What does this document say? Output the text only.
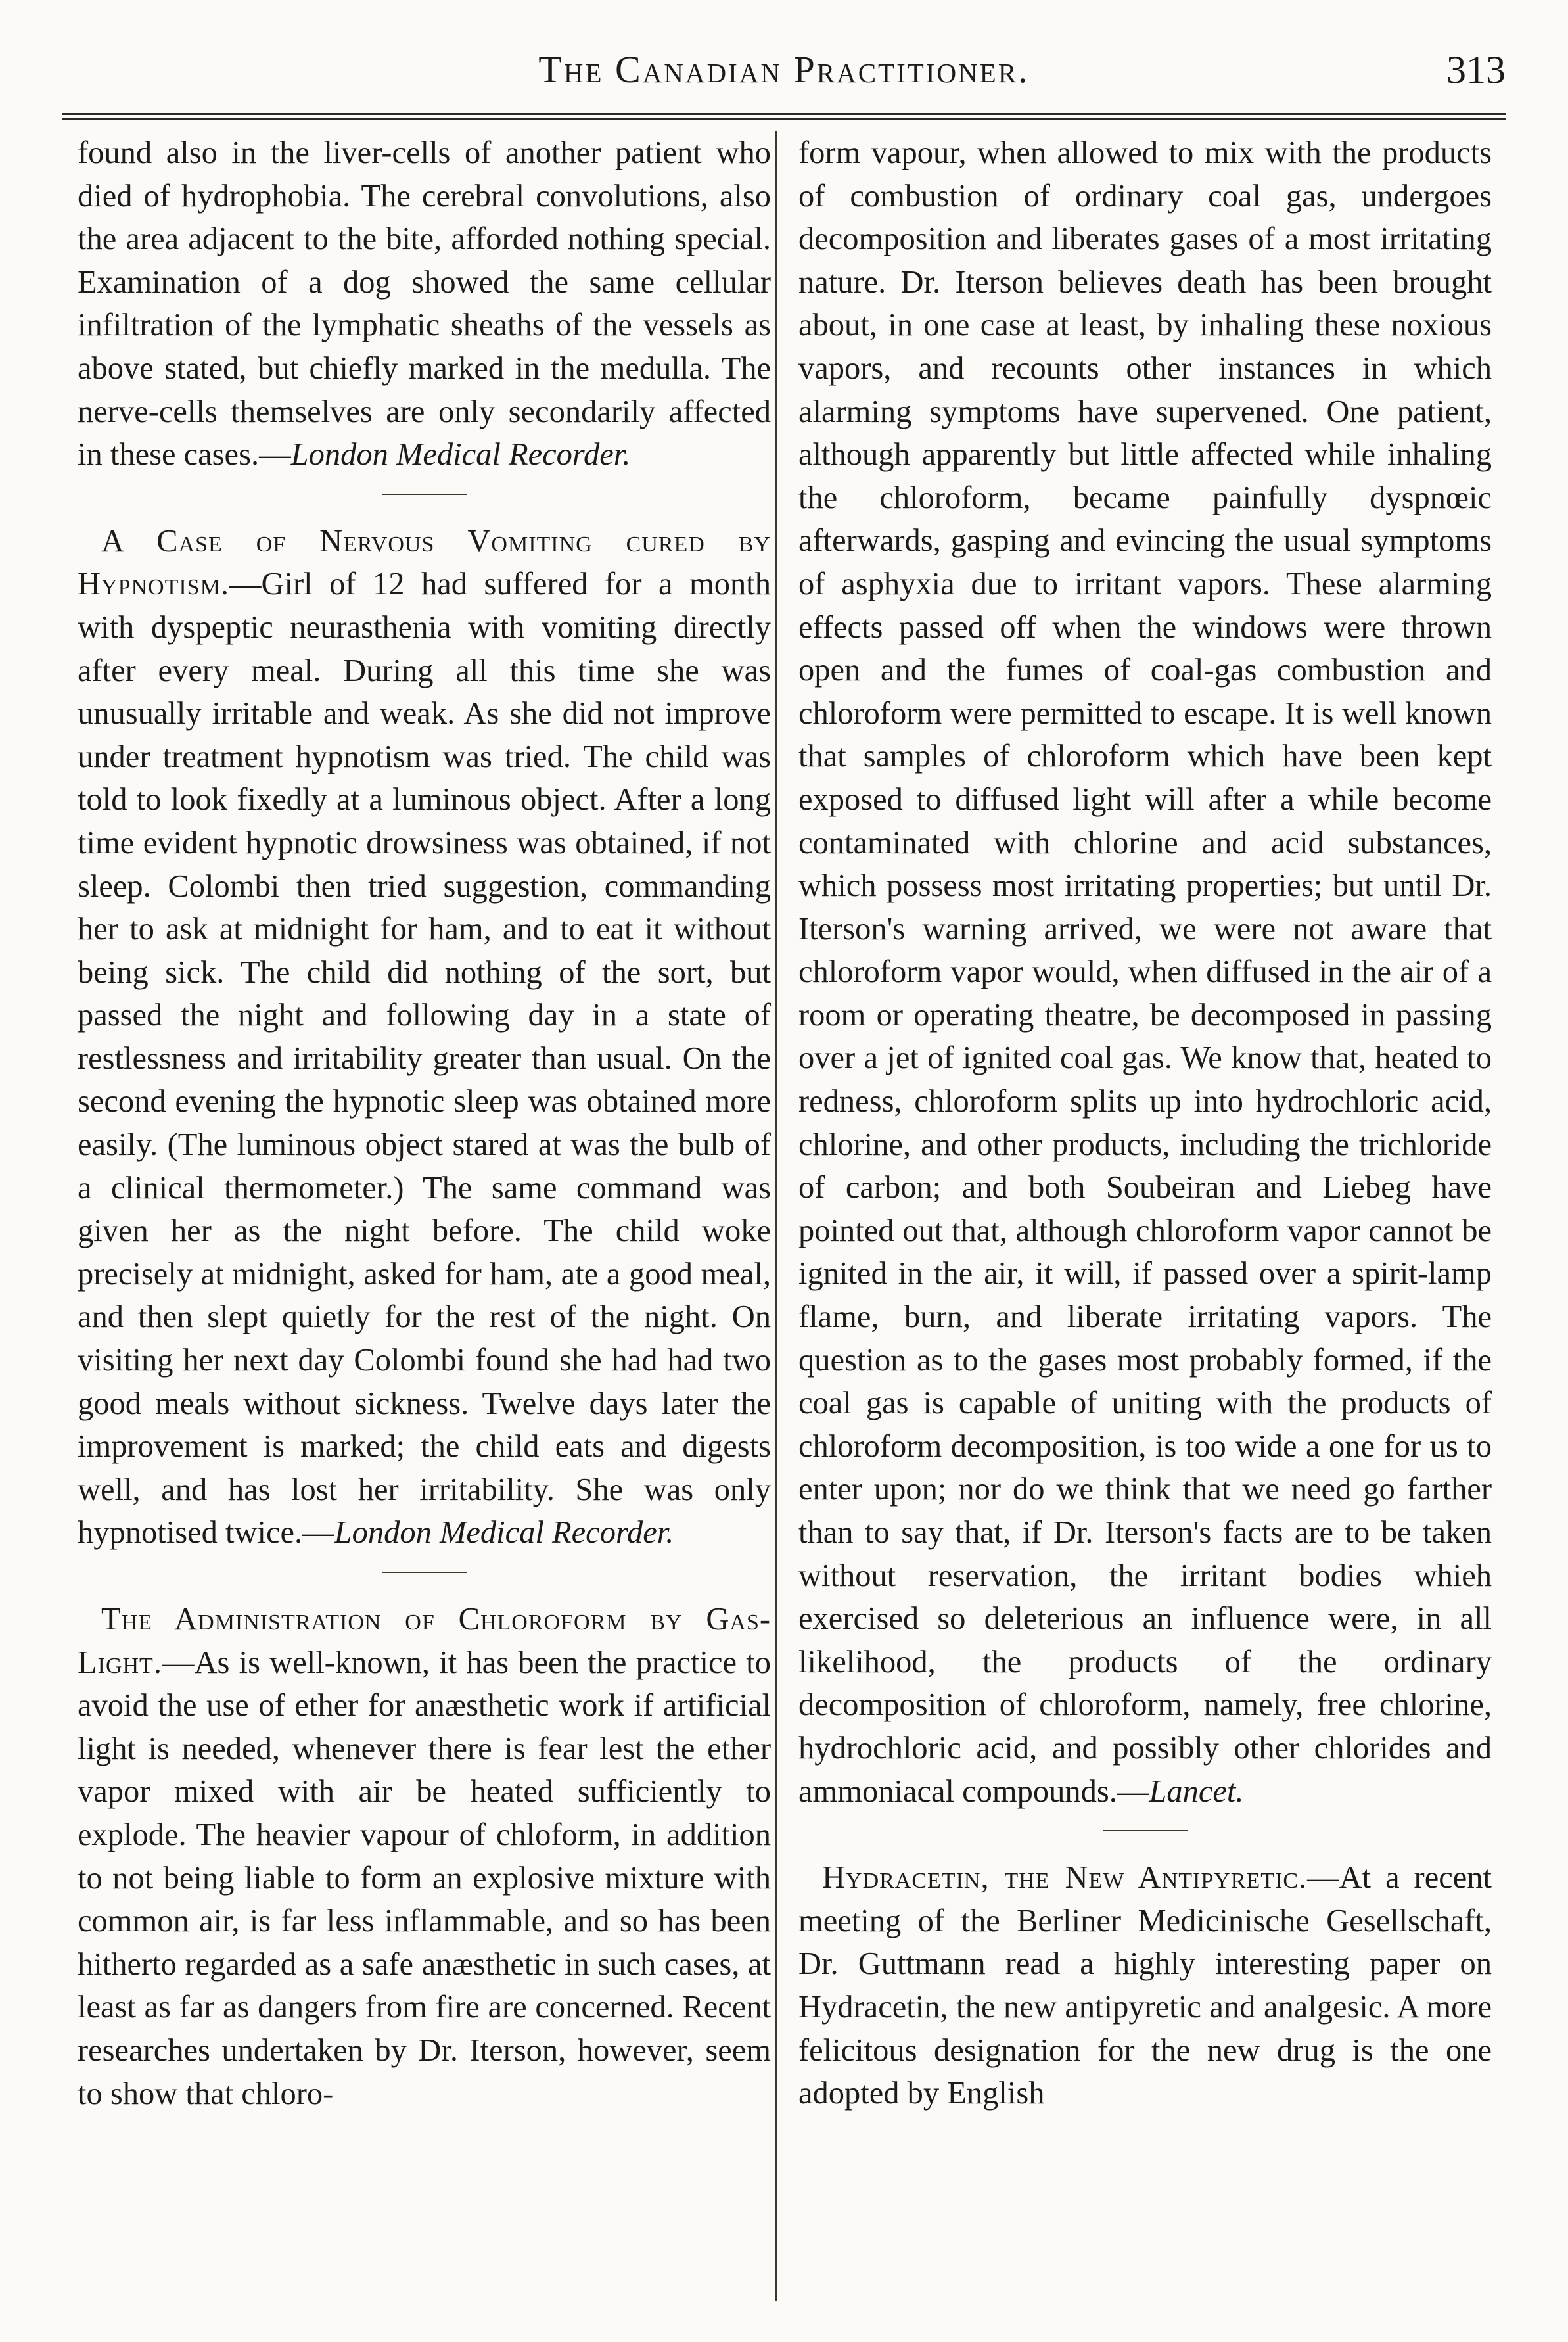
The Canadian Practitioner.	313

found also in the liver-cells of another patient who died of hydrophobia. The cerebral convolutions, also the area adjacent to the bite, afforded nothing special. Examination of a dog showed the same cellular infiltration of the lymphatic sheaths of the vessels as above stated, but chiefly marked in the medulla. The nerve-cells themselves are only secondarily affected in these cases.—London Medical Recorder.

A Case of Nervous Vomiting cured by Hypnotism.—Girl of 12 had suffered for a month with dyspeptic neurasthenia with vomiting directly after every meal. During all this time she was unusually irritable and weak. As she did not improve under treatment hypnotism was tried. The child was told to look fixedly at a luminous object. After a long time evident hypnotic drowsiness was obtained, if not sleep. Colombi then tried suggestion, commanding her to ask at midnight for ham, and to eat it without being sick. The child did nothing of the sort, but passed the night and following day in a state of restlessness and irritability greater than usual. On the second evening the hypnotic sleep was obtained more easily. (The luminous object stared at was the bulb of a clinical thermometer.) The same command was given her as the night before. The child woke precisely at midnight, asked for ham, ate a good meal, and then slept quietly for the rest of the night. On visiting her next day Colombi found she had had two good meals without sickness. Twelve days later the improvement is marked; the child eats and digests well, and has lost her irritability. She was only hypnotised twice.—London Medical Recorder.

The Administration of Chloroform by Gas-Light.—As is well-known, it has been the practice to avoid the use of ether for anæsthetic work if artificial light is needed, whenever there is fear lest the ether vapor mixed with air be heated sufficiently to explode. The heavier vapour of chloform, in addition to not being liable to form an explosive mixture with common air, is far less inflammable, and so has been hitherto regarded as a safe anæsthetic in such cases, at least as far as dangers from fire are concerned. Recent researches undertaken by Dr. Iterson, however, seem to show that chloro-

form vapour, when allowed to mix with the products of combustion of ordinary coal gas, undergoes decomposition and liberates gases of a most irritating nature. Dr. Iterson believes death has been brought about, in one case at least, by inhaling these noxious vapors, and recounts other instances in which alarming symptoms have supervened. One patient, although apparently but little affected while inhaling the chloroform, became painfully dyspnœic afterwards, gasping and evincing the usual symptoms of asphyxia due to irritant vapors. These alarming effects passed off when the windows were thrown open and the fumes of coal-gas combustion and chloroform were permitted to escape. It is well known that samples of chloroform which have been kept exposed to diffused light will after a while become contaminated with chlorine and acid substances, which possess most irritating properties; but until Dr. Iterson's warning arrived, we were not aware that chloroform vapor would, when diffused in the air of a room or operating theatre, be decomposed in passing over a jet of ignited coal gas. We know that, heated to redness, chloroform splits up into hydrochloric acid, chlorine, and other products, including the trichloride of carbon; and both Soubeiran and Liebeg have pointed out that, although chloroform vapor cannot be ignited in the air, it will, if passed over a spirit-lamp flame, burn, and liberate irritating vapors. The question as to the gases most probably formed, if the coal gas is capable of uniting with the products of chloroform decomposition, is too wide a one for us to enter upon; nor do we think that we need go farther than to say that, if Dr. Iterson's facts are to be taken without reservation, the irritant bodies whieh exercised so deleterious an influence were, in all likelihood, the products of the ordinary decomposition of chloroform, namely, free chlorine, hydrochloric acid, and possibly other chlorides and ammoniacal compounds.—Lancet.

Hydracetin, the New Antipyretic.—At a recent meeting of the Berliner Medicinische Gesellschaft, Dr. Guttmann read a highly interesting paper on Hydracetin, the new antipyretic and analgesic. A more felicitous designation for the new drug is the one adopted by English
